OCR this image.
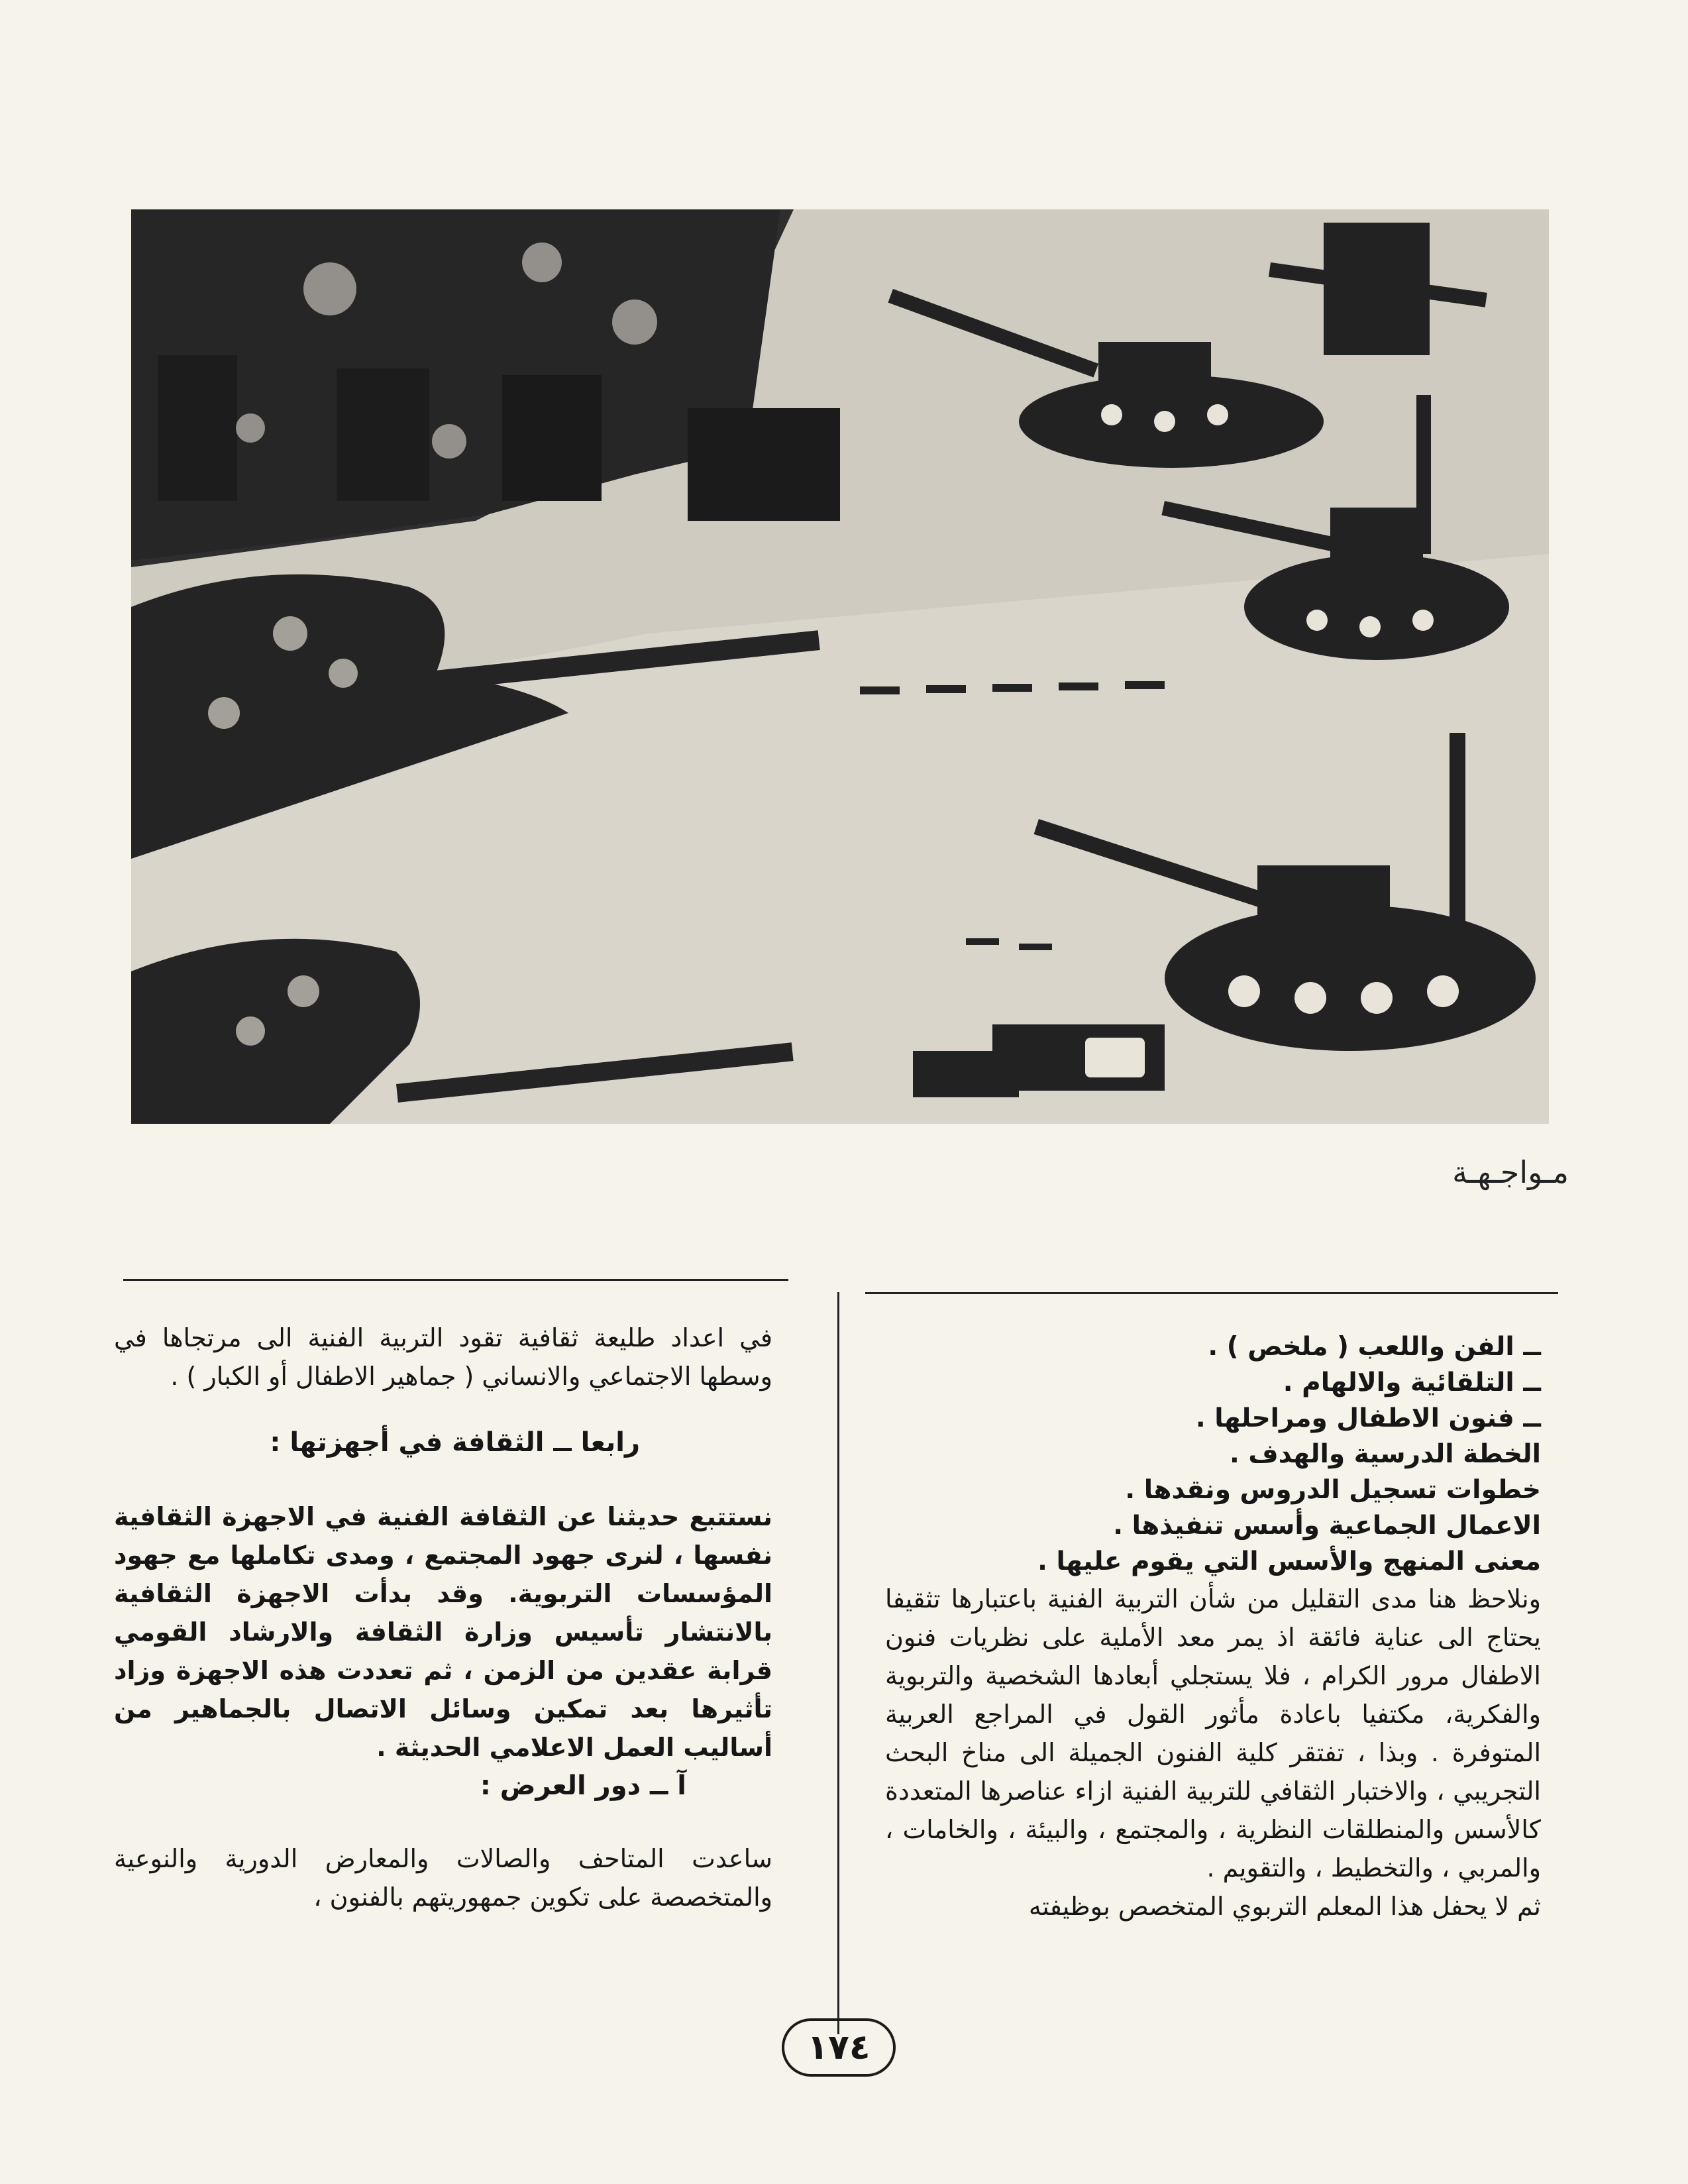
مـواجـهـة
ــ الفن واللعب ( ملخص ) .
ــ التلقائية والالهام .
ــ فنون الاطفال ومراحلها .
الخطة الدرسية والهدف .
خطوات تسجيل الدروس ونقدها .
الاعمال الجماعية وأسس تنفيذها .
معنى المنهج والأسس التي يقوم عليها .

ونلاحظ هنا مدى التقليل من شأن التربية الفنية باعتبارها تثقيفا يحتاج الى عناية فائقة اذ يمر معد الأملية على نظريات فنون الاطفال مرور الكرام ، فلا يستجلي أبعادها الشخصية والتربوية والفكرية، مكتفيا باعادة مأثور القول في المراجع العربية المتوفرة . وبذا ، تفتقر كلية الفنون الجميلة الى مناخ البحث التجريبي ، والاختبار الثقافي للتربية الفنية ازاء عناصرها المتعددة كالأسس والمنطلقات النظرية ، والمجتمع ، والبيئة ، والخامات ، والمربي ، والتخطيط ، والتقويم .

ثم لا يحفل هذا المعلم التربوي المتخصص بوظيفته

في اعداد طليعة ثقافية تقود التربية الفنية الى مرتجاها في وسطها الاجتماعي والانساني ( جماهير الاطفال أو الكبار ) .

رابعا ــ الثقافة في أجهزتها :

نستتبع حديثنا عن الثقافة الفنية في الاجهزة الثقافية نفسها ، لنرى جهود المجتمع ، ومدى تكاملها مع جهود المؤسسات التربوية. وقد بدأت الاجهزة الثقافية بالانتشار تأسيس وزارة الثقافة والارشاد القومي قرابة عقدين من الزمن ، ثم تعددت هذه الاجهزة وزاد تأثيرها بعد تمكين وسائل الاتصال بالجماهير من أساليب العمل الاعلامي الحديثة .

آ ــ دور العرض :

ساعدت المتاحف والصالات والمعارض الدورية والنوعية والمتخصصة على تكوين جمهوريتهم بالفنون ،

١٧٤
